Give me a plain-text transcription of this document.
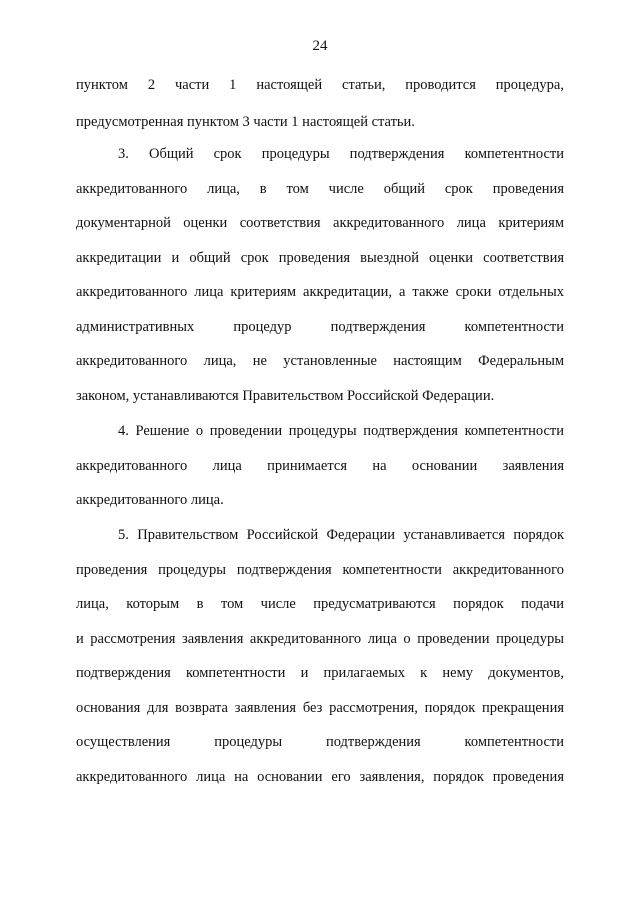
24
пунктом 2 части 1 настоящей статьи, проводится процедура,
предусмотренная пунктом 3 части 1 настоящей статьи.
3. Общий срок процедуры подтверждения компетентности
аккредитованного лица, в том числе общий срок проведения
документарной оценки соответствия аккредитованного лица критериям
аккредитации и общий срок проведения выездной оценки соответствия
аккредитованного лица критериям аккредитации, а также сроки отдельных
административных процедур подтверждения компетентности
аккредитованного лица, не установленные настоящим Федеральным
законом, устанавливаются Правительством Российской Федерации.
4. Решение о проведении процедуры подтверждения компетентности
аккредитованного лица принимается на основании заявления
аккредитованного лица.
5. Правительством Российской Федерации устанавливается порядок
проведения процедуры подтверждения компетентности аккредитованного
лица, которым в том числе предусматриваются порядок подачи
и рассмотрения заявления аккредитованного лица о проведении процедуры
подтверждения компетентности и прилагаемых к нему документов,
основания для возврата заявления без рассмотрения, порядок прекращения
осуществления процедуры подтверждения компетентности
аккредитованного лица на основании его заявления, порядок проведения
